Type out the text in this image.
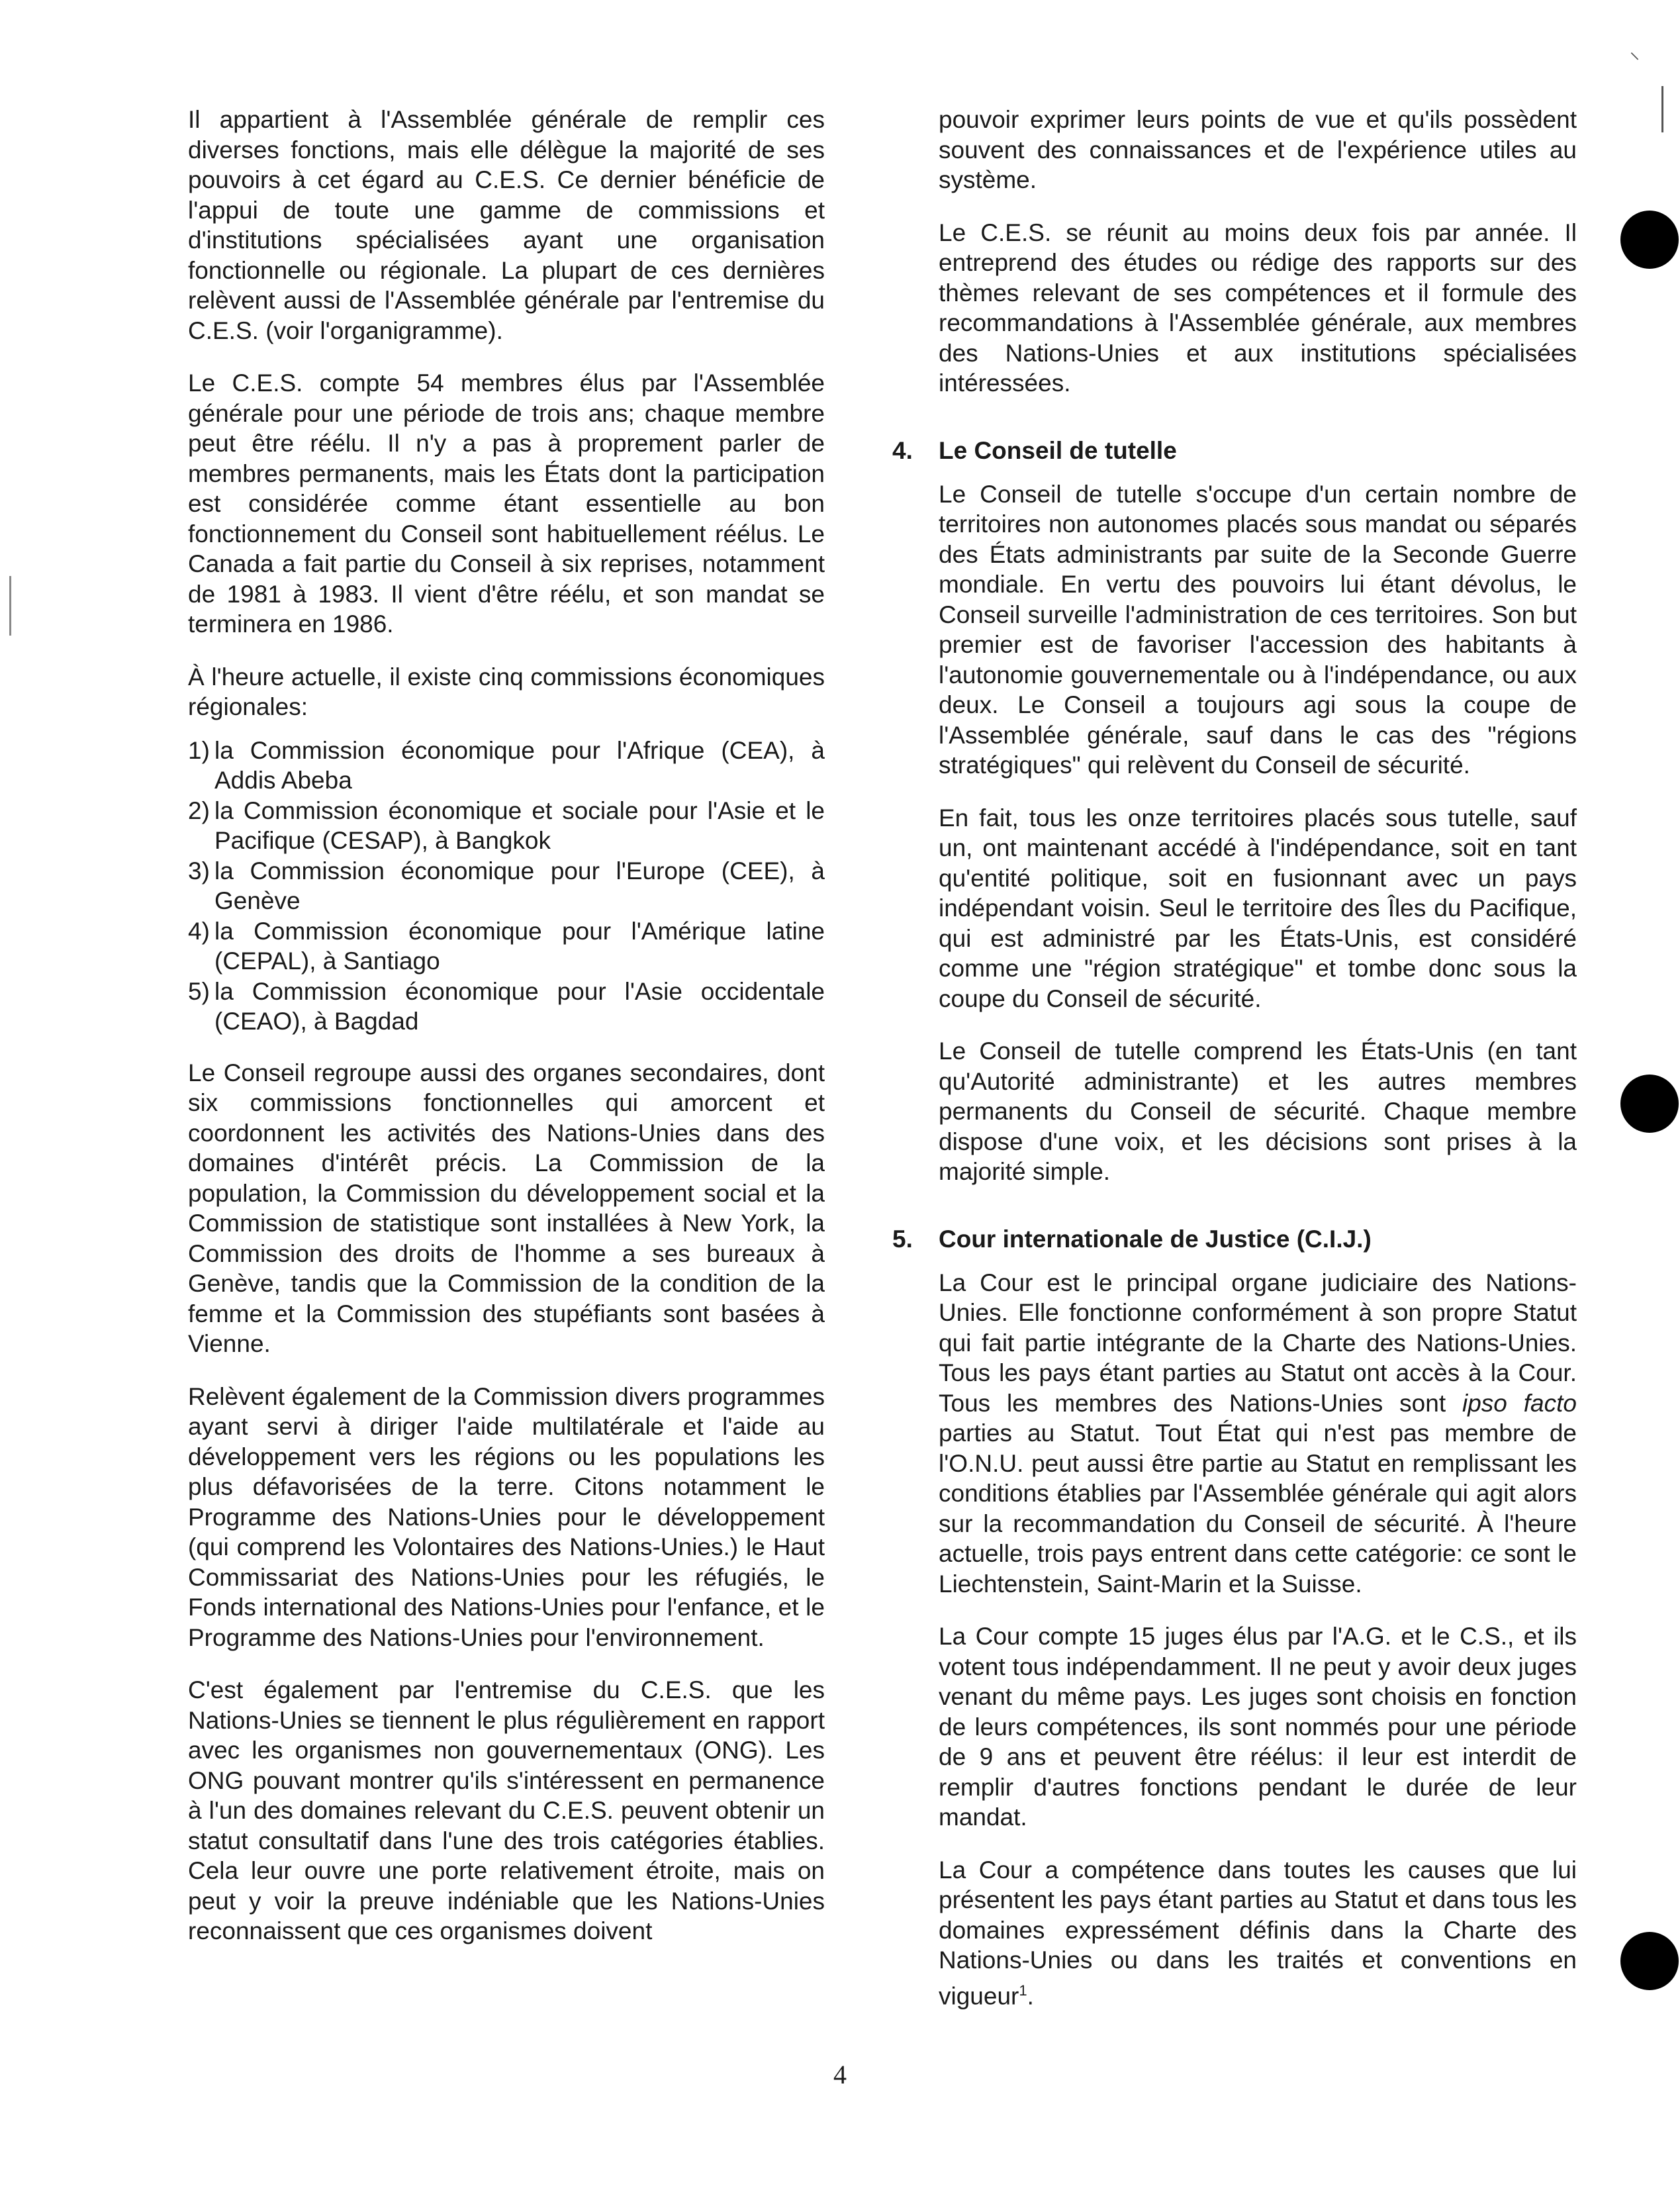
⸜

Il appartient à l'Assemblée générale de remplir ces diverses fonctions, mais elle délègue la majorité de ses pouvoirs à cet égard au C.E.S. Ce dernier bénéficie de l'appui de toute une gamme de commissions et d'institutions spécialisées ayant une organisation fonctionnelle ou régionale. La plupart de ces dernières relèvent aussi de l'Assemblée générale par l'entremise du C.E.S. (voir l'organigramme).

Le C.E.S. compte 54 membres élus par l'Assemblée générale pour une période de trois ans; chaque membre peut être réélu. Il n'y a pas à proprement parler de membres permanents, mais les États dont la participation est considérée comme étant essentielle au bon fonctionnement du Conseil sont habituellement réélus. Le Canada a fait partie du Conseil à six reprises, notamment de 1981 à 1983. Il vient d'être réélu, et son mandat se terminera en 1986.

À l'heure actuelle, il existe cinq commissions économiques régionales:

1) la Commission économique pour l'Afrique (CEA), à Addis Abeba
2) la Commission économique et sociale pour l'Asie et le Pacifique (CESAP), à Bangkok
3) la Commission économique pour l'Europe (CEE), à Genève
4) la Commission économique pour l'Amérique latine (CEPAL), à Santiago
5) la Commission économique pour l'Asie occidentale (CEAO), à Bagdad

Le Conseil regroupe aussi des organes secondaires, dont six commissions fonctionnelles qui amorcent et coordonnent les activités des Nations-Unies dans des domaines d'intérêt précis. La Commission de la population, la Commission du développement social et la Commission de statistique sont installées à New York, la Commission des droits de l'homme a ses bureaux à Genève, tandis que la Commission de la condition de la femme et la Commission des stupéfiants sont basées à Vienne.

Relèvent également de la Commission divers programmes ayant servi à diriger l'aide multilatérale et l'aide au développement vers les régions ou les populations les plus défavorisées de la terre. Citons notamment le Programme des Nations-Unies pour le développement (qui comprend les Volontaires des Nations-Unies.) le Haut Commissariat des Nations-Unies pour les réfugiés, le Fonds international des Nations-Unies pour l'enfance, et le Programme des Nations-Unies pour l'environnement.

C'est également par l'entremise du C.E.S. que les Nations-Unies se tiennent le plus régulièrement en rapport avec les organismes non gouvernementaux (ONG). Les ONG pouvant montrer qu'ils s'intéressent en permanence à l'un des domaines relevant du C.E.S. peuvent obtenir un statut consultatif dans l'une des trois catégories établies. Cela leur ouvre une porte relativement étroite, mais on peut y voir la preuve indéniable que les Nations-Unies reconnaissent que ces organismes doivent

pouvoir exprimer leurs points de vue et qu'ils possèdent souvent des connaissances et de l'expérience utiles au système.

Le C.E.S. se réunit au moins deux fois par année. Il entreprend des études ou rédige des rapports sur des thèmes relevant de ses compétences et il formule des recommandations à l'Assemblée générale, aux membres des Nations-Unies et aux institutions spécialisées intéressées.

4. Le Conseil de tutelle

Le Conseil de tutelle s'occupe d'un certain nombre de territoires non autonomes placés sous mandat ou séparés des États administrants par suite de la Seconde Guerre mondiale. En vertu des pouvoirs lui étant dévolus, le Conseil surveille l'administration de ces territoires. Son but premier est de favoriser l'accession des habitants à l'autonomie gouvernementale ou à l'indépendance, ou aux deux. Le Conseil a toujours agi sous la coupe de l'Assemblée générale, sauf dans le cas des "régions stratégiques" qui relèvent du Conseil de sécurité.

En fait, tous les onze territoires placés sous tutelle, sauf un, ont maintenant accédé à l'indépendance, soit en tant qu'entité politique, soit en fusionnant avec un pays indépendant voisin. Seul le territoire des Îles du Pacifique, qui est administré par les États-Unis, est considéré comme une "région stratégique" et tombe donc sous la coupe du Conseil de sécurité.

Le Conseil de tutelle comprend les États-Unis (en tant qu'Autorité administrante) et les autres membres permanents du Conseil de sécurité. Chaque membre dispose d'une voix, et les décisions sont prises à la majorité simple.

5. Cour internationale de Justice (C.I.J.)

La Cour est le principal organe judiciaire des Nations-Unies. Elle fonctionne conformément à son propre Statut qui fait partie intégrante de la Charte des Nations-Unies. Tous les pays étant parties au Statut ont accès à la Cour. Tous les membres des Nations-Unies sont ipso facto parties au Statut. Tout État qui n'est pas membre de l'O.N.U. peut aussi être partie au Statut en remplissant les conditions établies par l'Assemblée générale qui agit alors sur la recommandation du Conseil de sécurité. À l'heure actuelle, trois pays entrent dans cette catégorie: ce sont le Liechtenstein, Saint-Marin et la Suisse.

La Cour compte 15 juges élus par l'A.G. et le C.S., et ils votent tous indépendamment. Il ne peut y avoir deux juges venant du même pays. Les juges sont choisis en fonction de leurs compétences, ils sont nommés pour une période de 9 ans et peuvent être réélus: il leur est interdit de remplir d'autres fonctions pendant le durée de leur mandat.

La Cour a compétence dans toutes les causes que lui présentent les pays étant parties au Statut et dans tous les domaines expressément définis dans la Charte des Nations-Unies ou dans les traités et conventions en vigueur$^1$.

4
